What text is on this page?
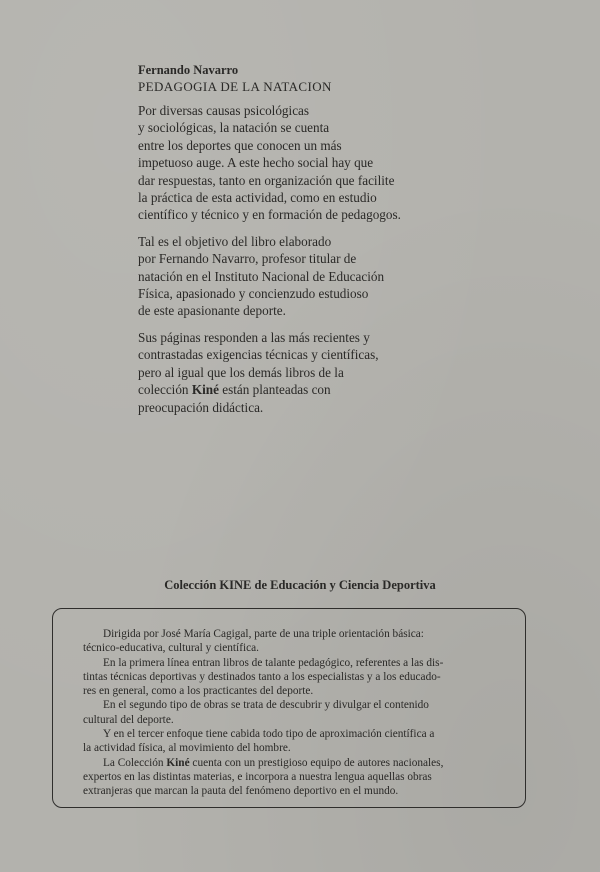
Fernando Navarro

PEDAGOGIA DE LA NATACION

Por diversas causas psicológicas
y sociológicas, la natación se cuenta
entre los deportes que conocen un más
impetuoso auge. A este hecho social hay que
dar respuestas, tanto en organización que facilite
la práctica de esta actividad, como en estudio
científico y técnico y en formación de pedagogos.

Tal es el objetivo del libro elaborado
por Fernando Navarro, profesor titular de
natación en el Instituto Nacional de Educación
Física, apasionado y concienzudo estudioso
de este apasionante deporte.

Sus páginas responden a las más recientes y
contrastadas exigencias técnicas y científicas,
pero al igual que los demás libros de la
colección Kiné están planteadas con
preocupación didáctica.

Colección KINE de Educación y Ciencia Deportiva

Dirigida por José María Cagigal, parte de una triple orientación básica:
técnico-educativa, cultural y científica.
En la primera línea entran libros de talante pedagógico, referentes a las dis-
tintas técnicas deportivas y destinados tanto a los especialistas y a los educado-
res en general, como a los practicantes del deporte.
En el segundo tipo de obras se trata de descubrir y divulgar el contenido
cultural del deporte.
Y en el tercer enfoque tiene cabida todo tipo de aproximación científica a
la actividad física, al movimiento del hombre.
La Colección Kiné cuenta con un prestigioso equipo de autores nacionales,
expertos en las distintas materias, e incorpora a nuestra lengua aquellas obras
extranjeras que marcan la pauta del fenómeno deportivo en el mundo.
